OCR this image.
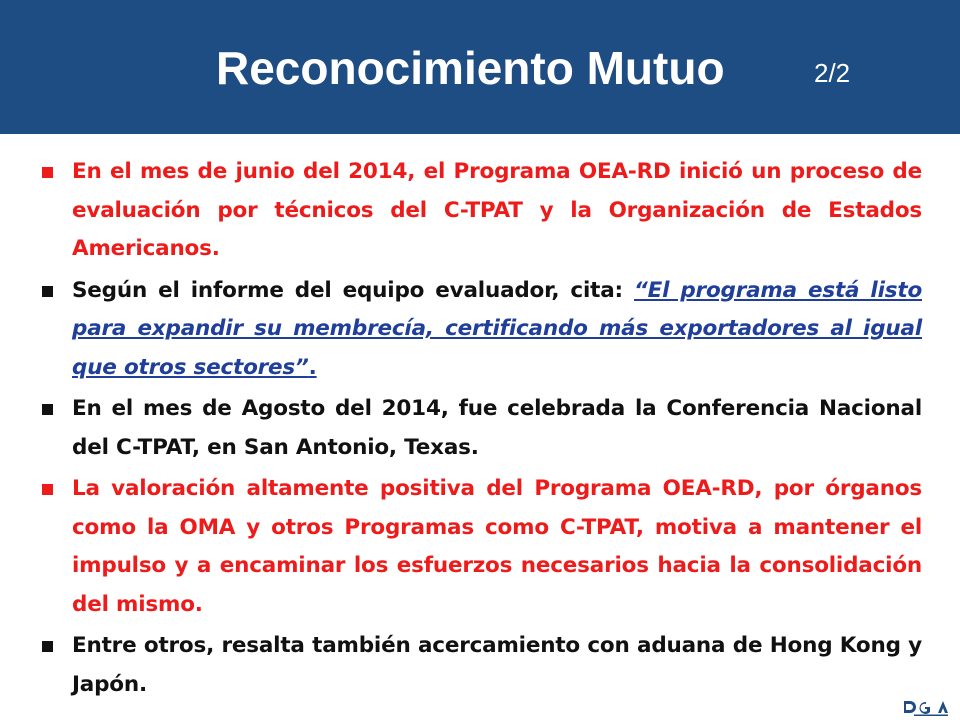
Reconocimiento Mutuo	2/2
En el mes de junio del 2014, el Programa OEA-RD inició un proceso de evaluación por técnicos del C-TPAT y la Organización de Estados Americanos.
Según el informe del equipo evaluador, cita: “El programa está listo para expandir su membrecía, certificando más exportadores al igual que otros sectores”.
En el mes de Agosto del 2014, fue celebrada la Conferencia Nacional del C-TPAT, en San Antonio, Texas.
La valoración altamente positiva del Programa OEA-RD, por órganos como la OMA y otros Programas como C-TPAT, motiva a mantener el impulso y a encaminar los esfuerzos necesarios hacia la consolidación del mismo.
Entre otros, resalta también acercamiento con aduana de Hong Kong y Japón.
